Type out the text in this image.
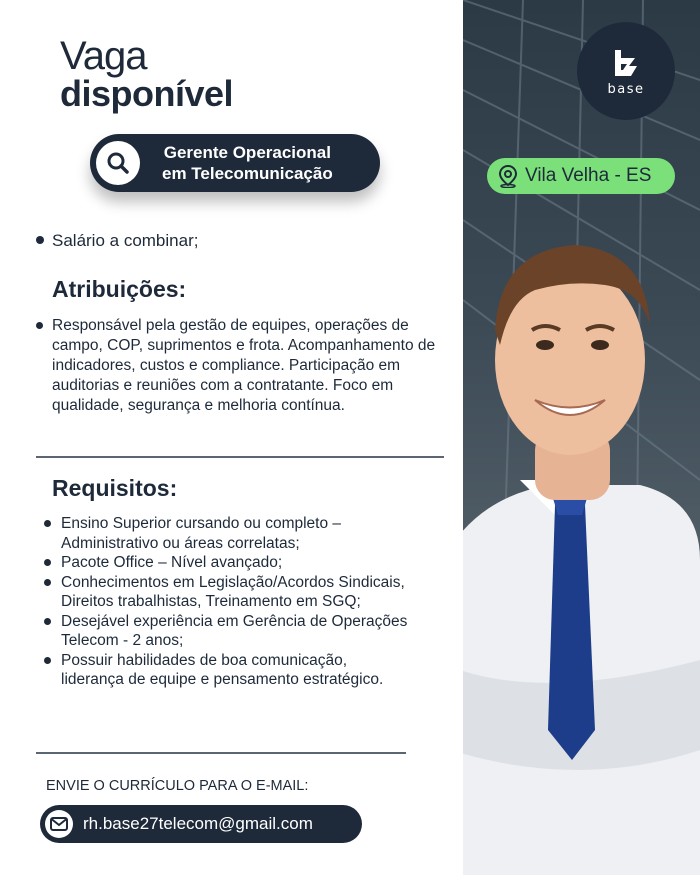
Vaga
disponível
Gerente Operacional
em Telecomunicação
base
Vila Velha - ES
Salário a combinar;
Atribuições:
Responsável pela gestão de equipes, operações de campo, COP, suprimentos e frota. Acompanhamento de indicadores, custos e compliance. Participação em auditorias e reuniões com a contratante. Foco em qualidade, segurança e melhoria contínua.
Requisitos:
Ensino Superior cursando ou completo – Administrativo ou áreas correlatas;
Pacote Office – Nível avançado;
Conhecimentos em Legislação/Acordos Sindicais, Direitos trabalhistas, Treinamento em SGQ;
Desejável experiência em Gerência de Operações Telecom - 2 anos;
Possuir habilidades de boa comunicação, liderança de equipe e pensamento estratégico.
ENVIE O CURRÍCULO PARA O E-MAIL:
rh.base27telecom@gmail.com
